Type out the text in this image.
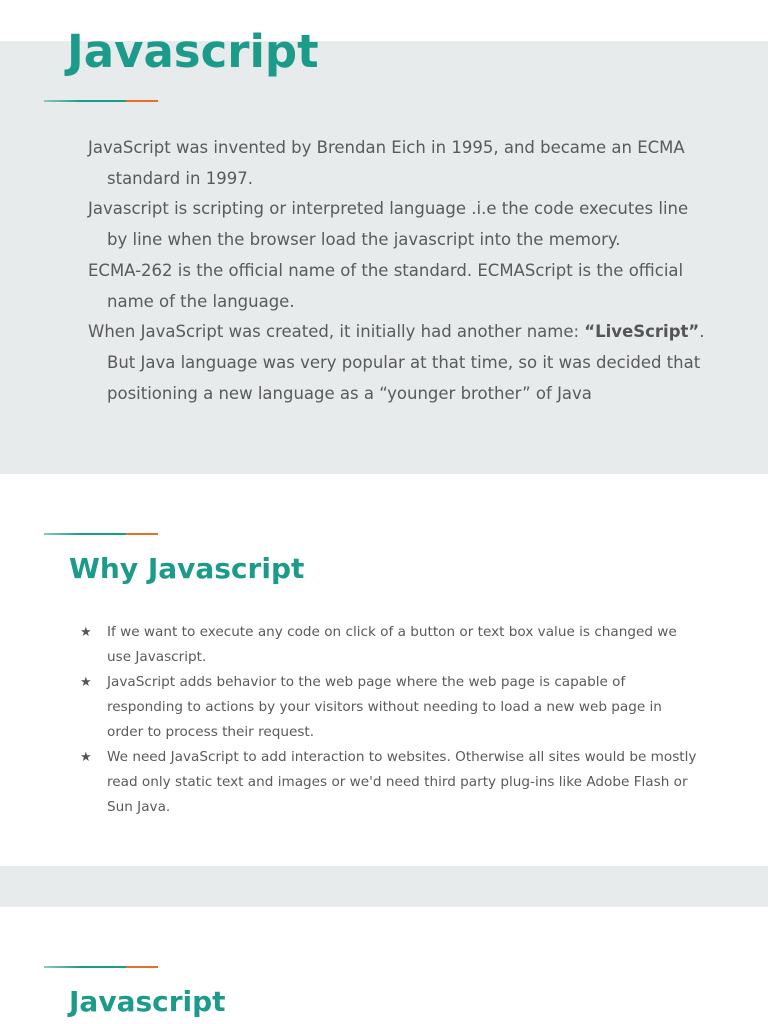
Javascript
JavaScript was invented by Brendan Eich in 1995, and became an ECMA standard in 1997.
Javascript is scripting or interpreted language .i.e the code executes line by line when the browser load the javascript into the memory.
ECMA-262 is the official name of the standard. ECMAScript is the official name of the language.
When JavaScript was created, it initially had another name: “LiveScript”. But Java language was very popular at that time, so it was decided that positioning a new language as a “younger brother” of Java
Why Javascript
★ If we want to execute any code on click of a button or text box value is changed we use Javascript.
★ JavaScript adds behavior to the web page where the web page is capable of responding to actions by your visitors without needing to load a new web page in order to process their request.
★ We need JavaScript to add interaction to websites. Otherwise all sites would be mostly read only static text and images or we'd need third party plug-ins like Adobe Flash or Sun Java.
Javascript
